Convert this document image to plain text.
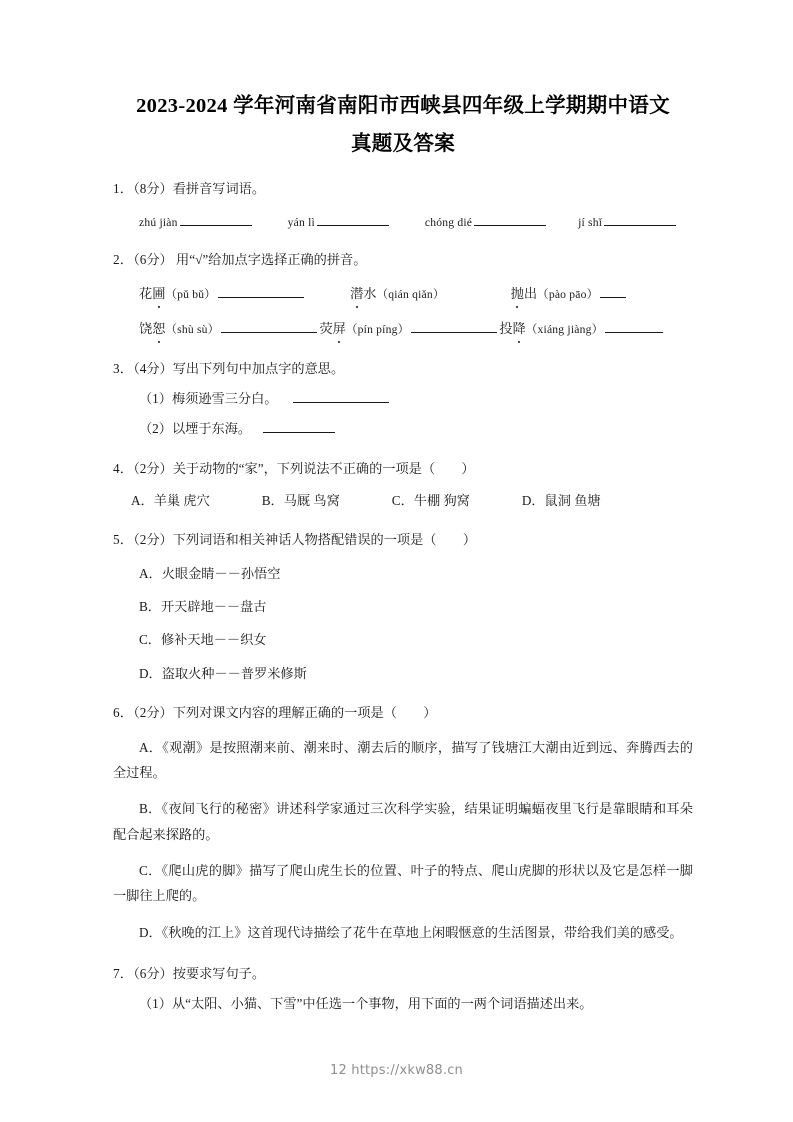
2023-2024 学年河南省南阳市西峡县四年级上学期期中语文
真题及答案
1．（8分）看拼音写词语。
zhú jiàn	yán lì	chóng dié	jí shǐ
2．（6分） 用“√”给加点字选择正确的拼音。
花圃（pǔ bǔ）	潜水（qián qiǎn）	抛出（pào pāo）
饶恕（shù sù）	荧屏（pín píng）	投降（xiáng jiàng）
3．（4分）写出下列句中加点字的意思。
（1）梅须逊雪三分白。
（2）以堙于东海。
4．（2分）关于动物的“家”，下列说法不正确的一项是（　　）
A．羊巢 虎穴	B．马厩 鸟窝	C．牛棚 狗窝	D．鼠洞 鱼塘
5．（2分）下列词语和相关神话人物搭配错误的一项是（　　）
A．火眼金睛－－孙悟空
B．开天辟地－－盘古
C．修补天地－－织女
D．盗取火种－－普罗米修斯
6．（2分）下列对课文内容的理解正确的一项是（　　）
A．《观潮》是按照潮来前、潮来时、潮去后的顺序，描写了钱塘江大潮由近到远、奔腾西去的全过程。
B．《夜间飞行的秘密》讲述科学家通过三次科学实验，结果证明蝙蝠夜里飞行是靠眼睛和耳朵配合起来探路的。
C．《爬山虎的脚》描写了爬山虎生长的位置、叶子的特点、爬山虎脚的形状以及它是怎样一脚一脚往上爬的。
D．《秋晚的江上》这首现代诗描绘了花牛在草地上闲暇惬意的生活图景，带给我们美的感受。
7．（6分）按要求写句子。
（1）从“太阳、小猫、下雪”中任选一个事物，用下面的一两个词语描述出来。
12 https://xkw88.cn
